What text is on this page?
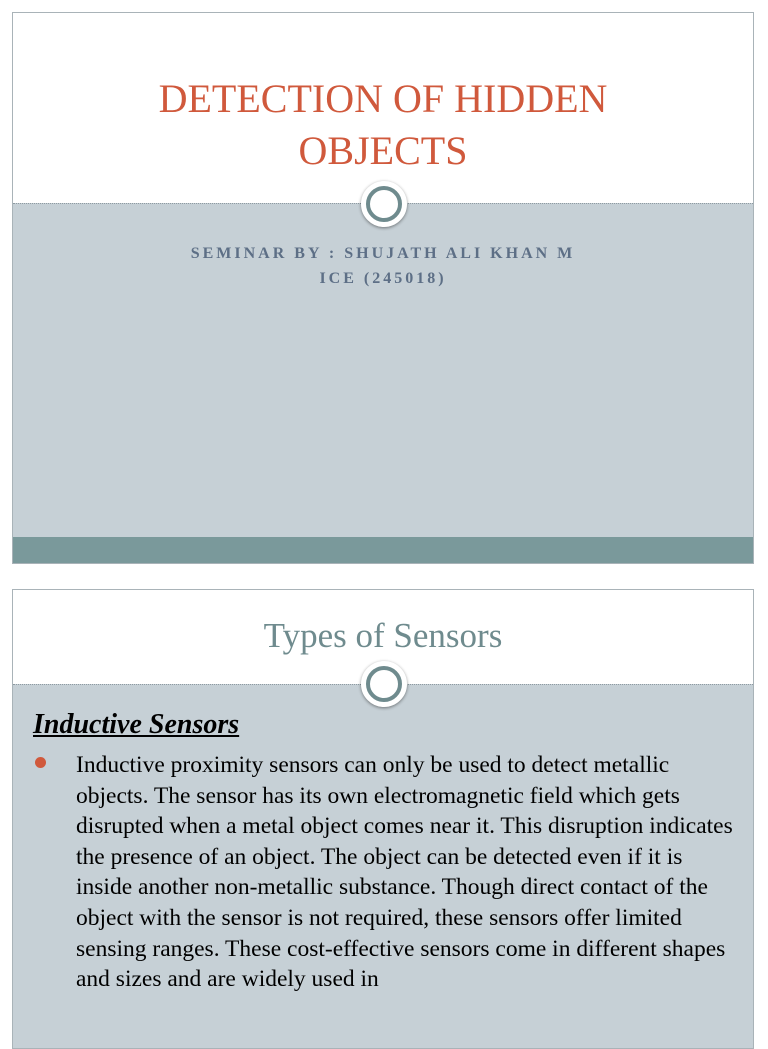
DETECTION OF HIDDEN
OBJECTS
SEMINAR BY : SHUJATH ALI KHAN M
ICE (245018)
Types of Sensors
Inductive Sensors
Inductive proximity sensors can only be used to detect metallic objects. The sensor has its own electromagnetic field which gets disrupted when a metal object comes near it. This disruption indicates the presence of an object. The object can be detected even if it is inside another non-metallic substance. Though direct contact of the object with the sensor is not required, these sensors offer limited sensing ranges. These cost-effective sensors come in different shapes and sizes and are widely used in
